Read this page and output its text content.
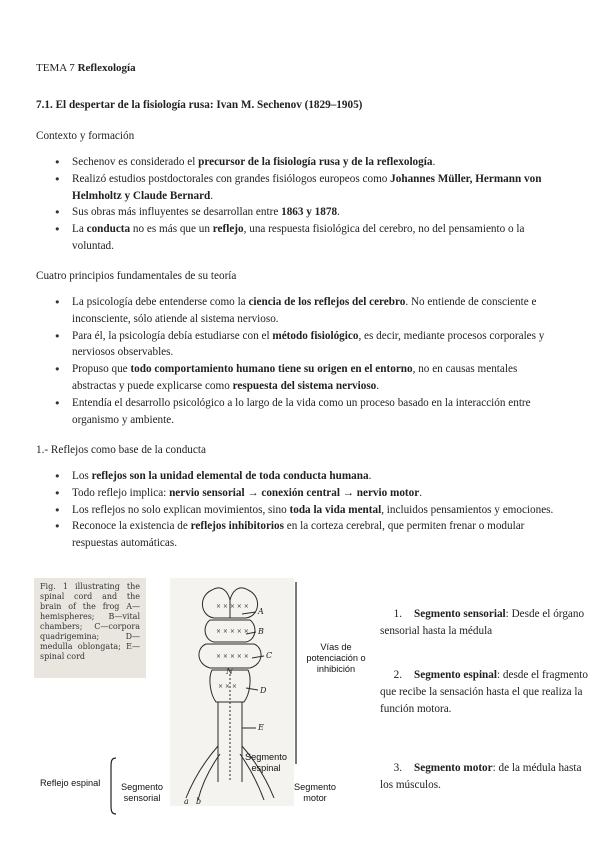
TEMA 7 Reflexología
7.1. El despertar de la fisiología rusa: Ivan M. Sechenov (1829–1905)
Contexto y formación
● Sechenov es considerado el precursor de la fisiología rusa y de la reflexología.
● Realizó estudios postdoctorales con grandes fisiólogos europeos como Johannes Müller, Hermann von Helmholtz y Claude Bernard.
● Sus obras más influyentes se desarrollan entre 1863 y 1878.
● La conducta no es más que un reflejo, una respuesta fisiológica del cerebro, no del pensamiento o la voluntad.
Cuatro principios fundamentales de su teoría
● La psicología debe entenderse como la ciencia de los reflejos del cerebro. No entiende de consciente e inconsciente, sólo atiende al sistema nervioso.
● Para él, la psicología debía estudiarse con el método fisiológico, es decir, mediante procesos corporales y nerviosos observables.
● Propuso que todo comportamiento humano tiene su origen en el entorno, no en causas mentales abstractas y puede explicarse como respuesta del sistema nervioso.
● Entendía el desarrollo psicológico a lo largo de la vida como un proceso basado en la interacción entre organismo y ambiente.
1.- Reflejos como base de la conducta
● Los reflejos son la unidad elemental de toda conducta humana.
● Todo reflejo implica: nervio sensorial → conexión central → nervio motor.
● Los reflejos no solo explican movimientos, sino toda la vida mental, incluidos pensamientos y emociones.
● Reconoce la existencia de reflejos inhibitorios en la corteza cerebral, que permiten frenar o modular respuestas automáticas.
Fig. 1 illustrating the spinal cord and the brain of the frog A—hemispheres; B—vital chambers; C—corpora quadrigemina; D—medulla oblongata; E—spinal cord
× × × × ×
× × × × ×
× × × × ×
× × ×
A
B
C
N
D
E
a b
Vías de potenciación o inhibición
Reflejo espinal	Segmento sensorial
Segmento espinal
Segmento motor
1. Segmento sensorial: Desde el órgano sensorial hasta la médula
2. Segmento espinal: desde el fragmento que recibe la sensación hasta el que realiza la función motora.
3. Segmento motor: de la médula hasta los músculos.
